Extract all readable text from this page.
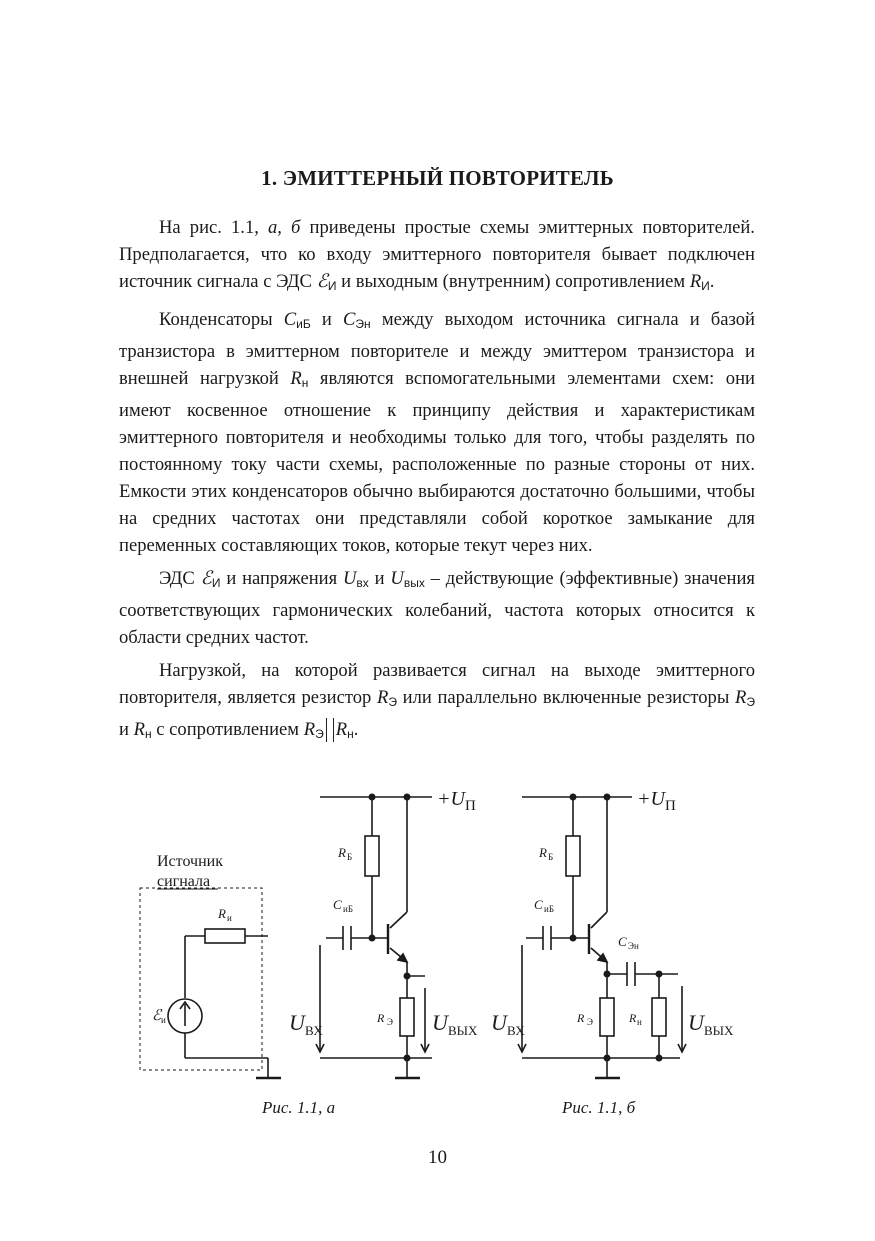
1. ЭМИТТЕРНЫЙ ПОВТОРИТЕЛЬ

На рис. 1.1, а, б приведены простые схемы эмиттерных повторителей. Предполагается, что ко входу эмиттерного повторителя бывает подключен источник сигнала с ЭДС ℰ$_И$ и выходным (внутренним) сопротивлением $R_И$.

Конденсаторы $C_{иБ}$ и $C_{Эн}$ между выходом источника сигнала и базой транзистора в эмиттерном повторителе и между эмиттером транзистора и внешней нагрузкой $R_н$ являются вспомогательными элементами схем: они имеют косвенное отношение к принципу действия и характеристикам эмиттерного повторителя и необходимы только для того, чтобы разделять по постоянному току части схемы, расположенные по разные стороны от них. Емкости этих конденсаторов обычно выбираются достаточно большими, чтобы на средних частотах они представляли собой короткое замыкание для переменных составляющих токов, которые текут через них.

ЭДС ℰ$_И$ и напряжения $U_{вх}$ и $U_{вых}$ – действующие (эффективные) значения соответствующих гармонических колебаний, частота которых относится к области средних частот.

Нагрузкой, на которой развивается сигнал на выходе эмиттерного повторителя, является резистор $R_Э$ или параллельно включенные резисторы $R_Э$ и $R_н$ с сопротивлением $R_Э$ $R_н$.

Источник
сигнала
R и
ℰ и
+U П
R Б
C иБ
R Э
U ВХ	U ВЫХ
+U П
R Б
C иБ
C Эн
R Э	R н
U ВХ	U ВЫХ
Рис. 1.1, а	Рис. 1.1, б
10
